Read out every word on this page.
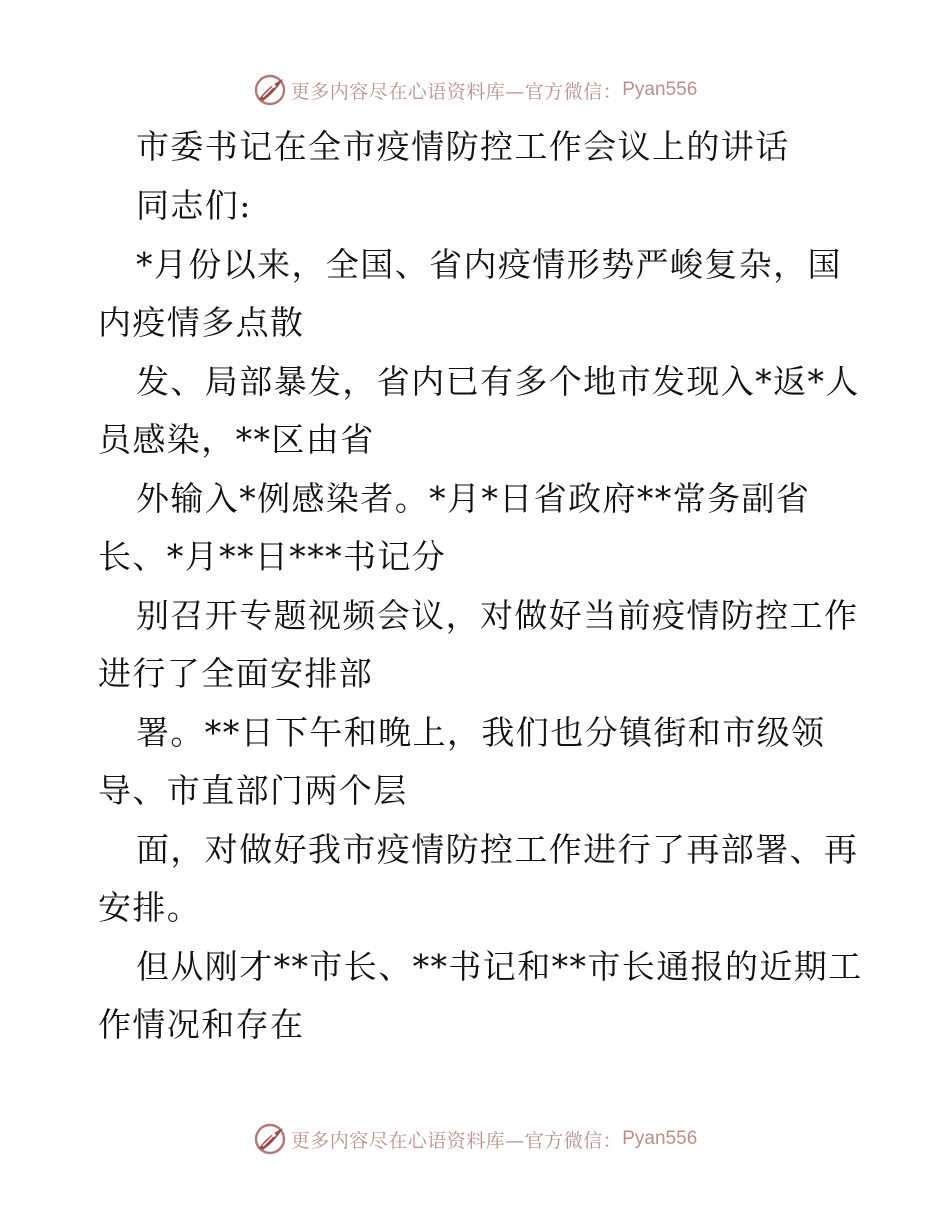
更多内容尽在心语资料库—官方微信： Pyan556
市委书记在全市疫情防控工作会议上的讲话
同志们:
*月份以来，全国、省内疫情形势严峻复杂，国
内疫情多点散
发、局部暴发，省内已有多个地市发现入*返*人
员感染，**区由省
外输入*例感染者。*月*日省政府**常务副省
长、*月**日***书记分
别召开专题视频会议，对做好当前疫情防控工作
进行了全面安排部
署。**日下午和晚上，我们也分镇街和市级领
导、市直部门两个层
面，对做好我市疫情防控工作进行了再部署、再
安排。
但从刚才**市长、**书记和**市长通报的近期工
作情况和存在
更多内容尽在心语资料库—官方微信： Pyan556
